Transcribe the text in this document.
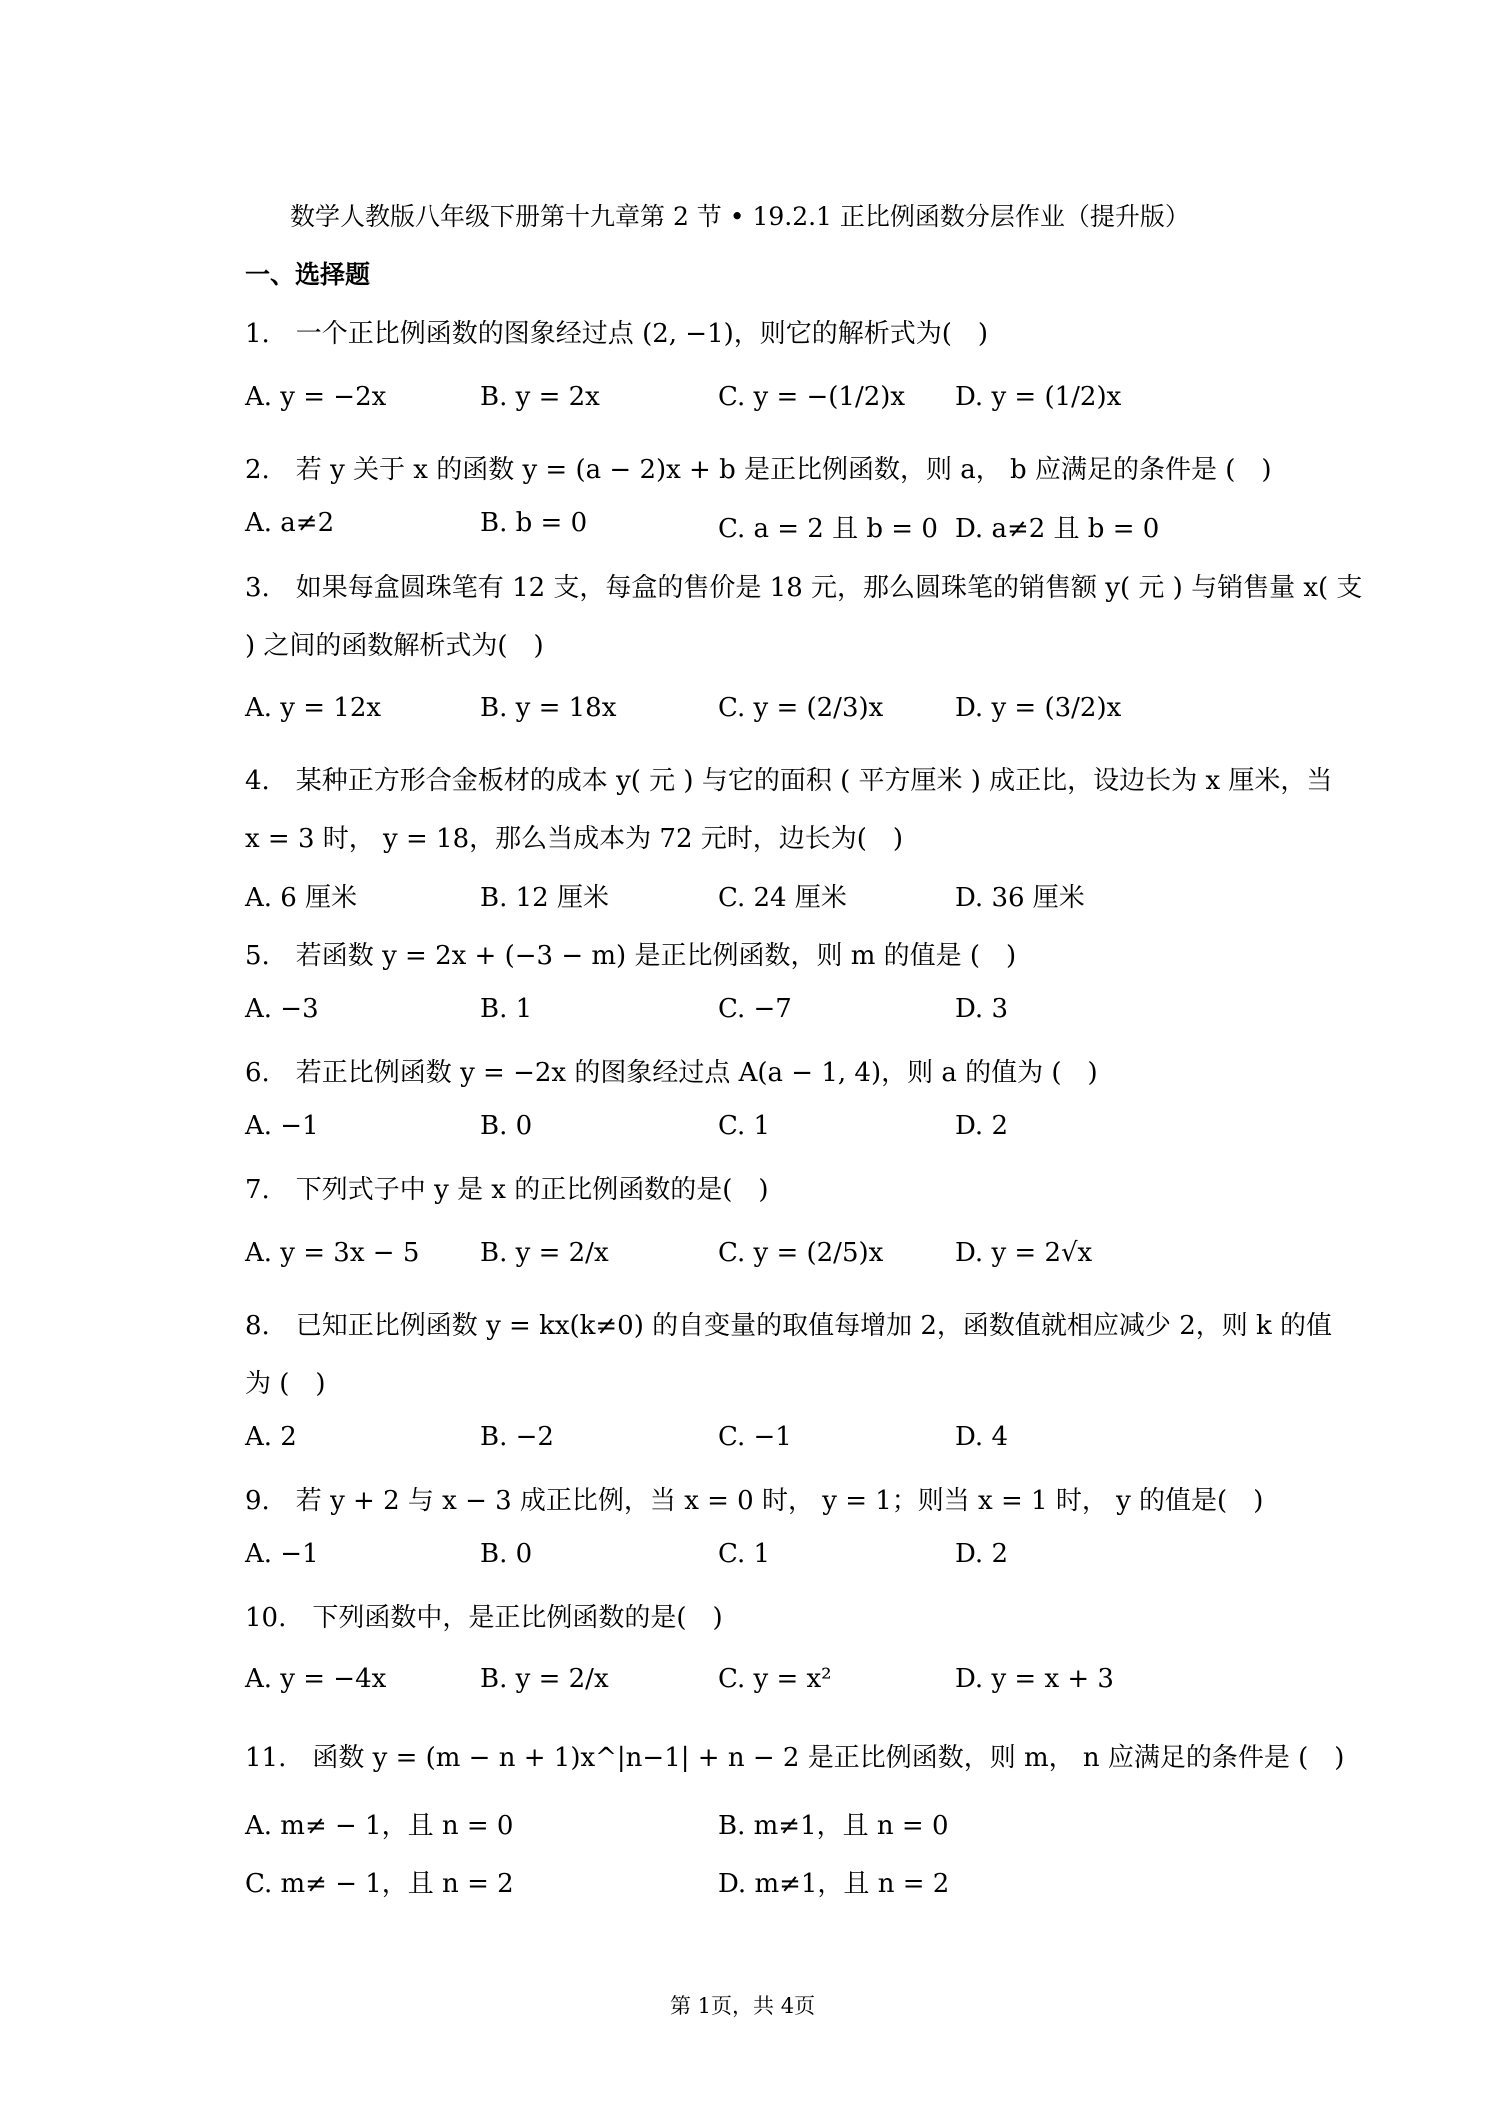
数学人教版八年级下册第十九章第 2 节 • 19.2.1 正比例函数分层作业（提升版）
一、选择题
1.　一个正比例函数的图象经过点 (2, −1)，则它的解析式为(　)
A. y = −2x	B. y = 2x	C. y = −(1/2)x D. y = (1/2)x
2.　若 y 关于 x 的函数 y = (a − 2)x + b 是正比例函数，则 a， b 应满足的条件是 (　)
A. a≠2	B. b = 0	C. a = 2 且 b = 0 D. a≠2 且 b = 0
3.　如果每盒圆珠笔有 12 支，每盒的售价是 18 元，那么圆珠笔的销售额 y( 元 ) 与销售量 x( 支
) 之间的函数解析式为(　)
A. y = 12x	B. y = 18x	C. y = (2/3)x	D. y = (3/2)x
4.　某种正方形合金板材的成本 y( 元 ) 与它的面积 ( 平方厘米 ) 成正比，设边长为 x 厘米，当
x = 3 时， y = 18，那么当成本为 72 元时，边长为(　)
A. 6 厘米	B. 12 厘米	C. 24 厘米	D. 36 厘米
5.　若函数 y = 2x + (−3 − m) 是正比例函数，则 m 的值是 (　)
A. −3	B. 1	C. −7	D. 3
6.　若正比例函数 y = −2x 的图象经过点 A(a − 1, 4)，则 a 的值为 (　)
A. −1	B. 0	C. 1	D. 2
7.　下列式子中 y 是 x 的正比例函数的是(　)
A. y = 3x − 5 B. y = 2/x	C. y = (2/5)x	D. y = 2√x
8.　已知正比例函数 y = kx(k≠0) 的自变量的取值每增加 2，函数值就相应减少 2，则 k 的值
为 (　)
A. 2	B. −2	C. −1	D. 4
9.　若 y + 2 与 x − 3 成正比例，当 x = 0 时， y = 1；则当 x = 1 时， y 的值是(　)
A. −1	B. 0	C. 1	D. 2
10.　下列函数中，是正比例函数的是(　)
A. y = −4x	B. y = 2/x	C. y = x²	D. y = x + 3
11.　函数 y = (m − n + 1)x^|n−1| + n − 2 是正比例函数，则 m， n 应满足的条件是 (　)
A. m≠ − 1，且 n = 0	B. m≠1，且 n = 0
C. m≠ − 1，且 n = 2	D. m≠1，且 n = 2
第 1页，共 4页
